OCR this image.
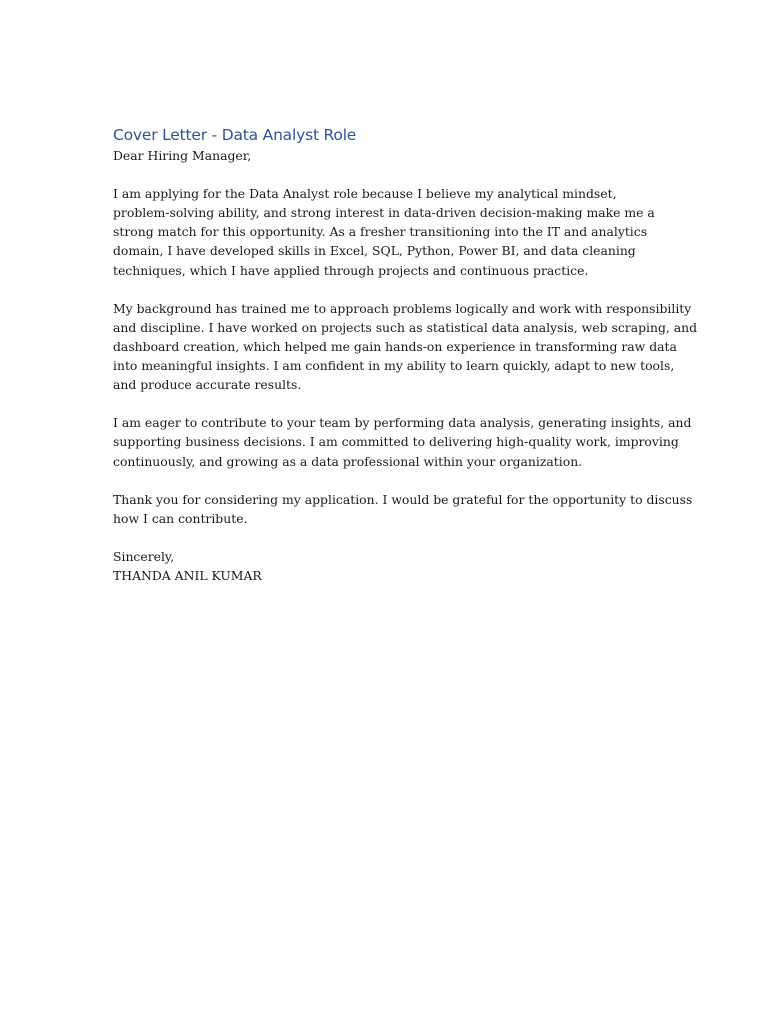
Cover Letter - Data Analyst Role

Dear Hiring Manager,

I am applying for the Data Analyst role because I believe my analytical mindset,

problem-solving ability, and strong interest in data-driven decision-making make me a

strong match for this opportunity. As a fresher transitioning into the IT and analytics

domain, I have developed skills in Excel, SQL, Python, Power BI, and data cleaning

techniques, which I have applied through projects and continuous practice.

My background has trained me to approach problems logically and work with responsibility

and discipline. I have worked on projects such as statistical data analysis, web scraping, and

dashboard creation, which helped me gain hands-on experience in transforming raw data

into meaningful insights. I am confident in my ability to learn quickly, adapt to new tools,

and produce accurate results.

I am eager to contribute to your team by performing data analysis, generating insights, and

supporting business decisions. I am committed to delivering high-quality work, improving

continuously, and growing as a data professional within your organization.

Thank you for considering my application. I would be grateful for the opportunity to discuss

how I can contribute.

Sincerely,

THANDA ANIL KUMAR
